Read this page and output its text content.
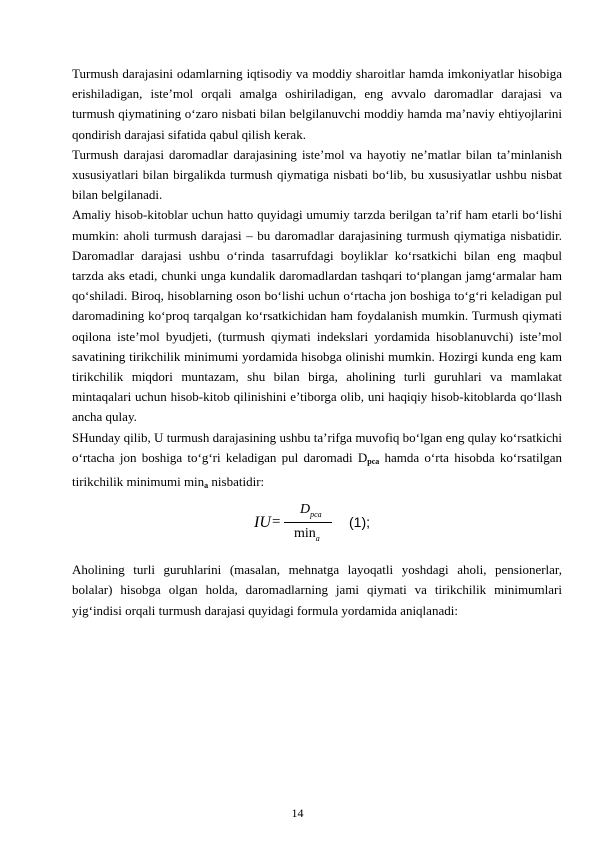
Turmush darajasini odamlarning iqtisodiy va moddiy sharoitlar hamda imkoniyatlar hisobiga erishiladigan, iste’mol orqali amalga oshiriladigan, eng avvalo daromadlar darajasi va turmush qiymatining o‘zaro nisbati bilan belgilanuvchi moddiy hamda ma’naviy ehtiyojlarini qondirish darajasi sifatida qabul qilish kerak.

Turmush darajasi daromadlar darajasining iste’mol va hayotiy ne’matlar bilan ta’minlanish xususiyatlari bilan birgalikda turmush qiymatiga nisbati bo‘lib, bu xususiyatlar ushbu nisbat bilan belgilanadi.

Amaliy hisob-kitoblar uchun hatto quyidagi umumiy tarzda berilgan ta’rif ham etarli bo‘lishi mumkin: aholi turmush darajasi – bu daromadlar darajasining turmush qiymatiga nisbatidir. Daromadlar darajasi ushbu o‘rinda tasarrufdagi boyliklar ko‘rsatkichi bilan eng maqbul tarzda aks etadi, chunki unga kundalik daromadlardan tashqari to‘plangan jamg‘armalar ham qo‘shiladi. Biroq, hisoblarning oson bo‘lishi uchun o‘rtacha jon boshiga to‘g‘ri keladigan pul daromadining ko‘proq tarqalgan ko‘rsatkichidan ham foydalanish mumkin. Turmush qiymati oqilona iste’mol byudjeti, (turmush qiymati indekslari yordamida hisoblanuvchi) iste’mol savatining tirikchilik minimumi yordamida hisobga olinishi mumkin. Hozirgi kunda eng kam tirikchilik miqdori muntazam, shu bilan birga, aholining turli guruhlari va mamlakat mintaqalari uchun hisob-kitob qilinishini e’tiborga olib, uni haqiqiy hisob-kitoblarda qo‘llash ancha qulay.

SHunday qilib, U turmush darajasining ushbu ta’rifga muvofiq bo‘lgan eng qulay ko‘rsatkichi o‘rtacha jon boshiga to‘g‘ri keladigan pul daromadi Dpca hamda o‘rta hisobda ko‘rsatilgan tirikchilik minimumi mina nisbatidir:

IU =
$D_{pca}$
$\min_a$
(1);

Aholining turli guruhlarini (masalan, mehnatga layoqatli yoshdagi aholi, pensionerlar, bolalar) hisobga olgan holda, daromadlarning jami qiymati va tirikchilik minimumlari yig‘indisi orqali turmush darajasi quyidagi formula yordamida aniqlanadi:

14
